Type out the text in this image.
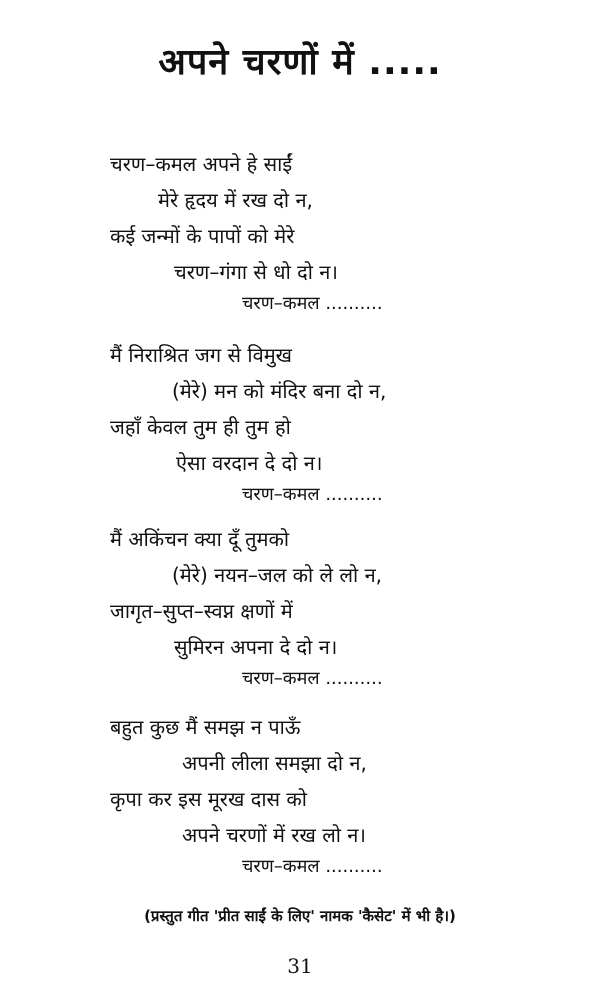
अपने चरणों में .....
चरण–कमल अपने हे साईं
मेरे हृदय में रख दो न,
कई जन्मों के पापों को मेरे
चरण–गंगा से धो दो न।
चरण–कमल ..........
मैं निराश्रित जग से विमुख
(मेरे) मन को मंदिर बना दो न,
जहाँ केवल तुम ही तुम हो
ऐसा वरदान दे दो न।
चरण–कमल ..........
मैं अकिंचन क्या दूँ तुमको
(मेरे) नयन–जल को ले लो न,
जागृत–सुप्त–स्वप्न क्षणों में
सुमिरन अपना दे दो न।
चरण–कमल ..........
बहुत कुछ मैं समझ न पाऊँ
अपनी लीला समझा दो न,
कृपा कर इस मूरख दास को
अपने चरणों में रख लो न।
चरण–कमल ..........
(प्रस्तुत गीत 'प्रीत साईं के लिए' नामक 'कैसेट' में भी है।)
31
